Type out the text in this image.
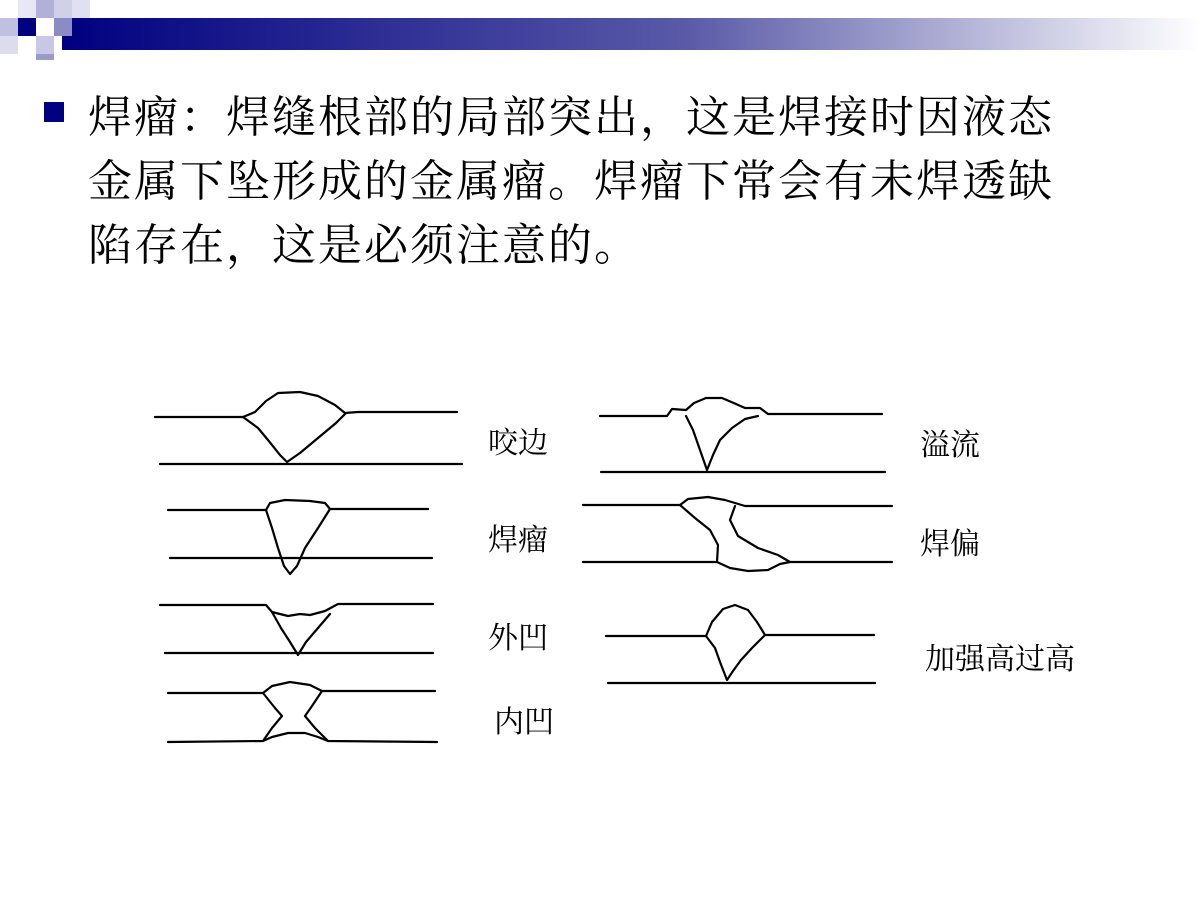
焊瘤：焊缝根部的局部突出，这是焊接时因液态金属下坠形成的金属瘤。焊瘤下常会有未焊透缺陷存在，这是必须注意的。
咬边	溢流
焊瘤	焊偏
外凹
加强高过高
内凹
